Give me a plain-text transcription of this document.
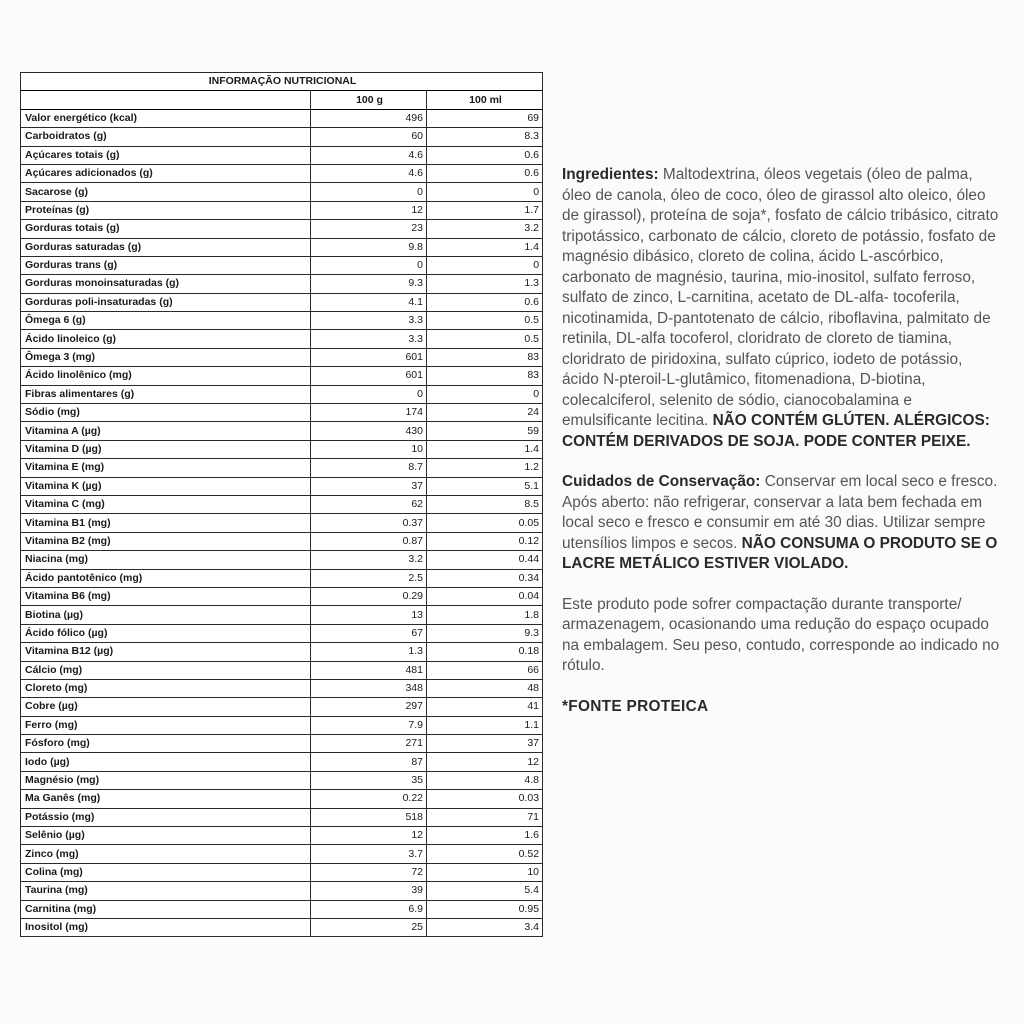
INFORMAÇÃO NUTRICIONAL		
	100 g	100 ml
Valor energético (kcal)	496	69
Carboidratos (g)	60	8.3
Açúcares totais (g)	4.6	0.6
Açúcares adicionados (g)	4.6	0.6
Sacarose (g)	0	0
Proteínas (g)	12	1.7
Gorduras totais (g)	23	3.2
Gorduras saturadas (g)	9.8	1.4
Gorduras trans (g)	0	0
Gorduras monoinsaturadas (g)	9.3	1.3
Gorduras poli-insaturadas (g)	4.1	0.6
Ômega 6 (g)	3.3	0.5
Ácido linoleico (g)	3.3	0.5
Ômega 3 (mg)	601	83
Ácido linolênico (mg)	601	83
Fibras alimentares (g)	0	0
Sódio (mg)	174	24
Vitamina A (µg)	430	59
Vitamina D (µg)	10	1.4
Vitamina E (mg)	8.7	1.2
Vitamina K (µg)	37	5.1
Vitamina C (mg)	62	8.5
Vitamina B1 (mg)	0.37	0.05
Vitamina B2 (mg)	0.87	0.12
Niacina (mg)	3.2	0.44
Ácido pantotênico (mg)	2.5	0.34
Vitamina B6 (mg)	0.29	0.04
Biotina (µg)	13	1.8
Ácido fólico (µg)	67	9.3
Vitamina B12 (µg)	1.3	0.18
Cálcio (mg)	481	66
Cloreto (mg)	348	48
Cobre (µg)	297	41
Ferro (mg)	7.9	1.1
Fósforo (mg)	271	37
Iodo (µg)	87	12
Magnésio (mg)	35	4.8
Ma Ganês (mg)	0.22	0.03
Potássio (mg)	518	71
Selênio (µg)	12	1.6
Zinco (mg)	3.7	0.52
Colina (mg)	72	10
Taurina (mg)	39	5.4
Carnitina (mg)	6.9	0.95
Inositol (mg)	25	3.4

Ingredientes: Maltodextrina, óleos vegetais (óleo de palma, óleo de canola, óleo de coco, óleo de girassol alto oleico, óleo de girassol), proteína de soja*, fosfato de cálcio tribásico, citrato tripotássico, carbonato de cálcio, cloreto de potássio, fosfato de magnésio dibásico, cloreto de colina, ácido L-ascórbico, carbonato de magnésio, taurina, mio-inositol, sulfato ferroso, sulfato de zinco, L-carnitina, acetato de DL-alfa- tocoferila, nicotinamida, D-pantotenato de cálcio, riboflavina, palmitato de retinila, DL-alfa tocoferol, cloridrato de cloreto de tiamina, cloridrato de piridoxina, sulfato cúprico, iodeto de potássio, ácido N-pteroil-L-glutâmico, fitomenadiona, D-biotina, colecalciferol, selenito de sódio, cianocobalamina e emulsificante lecitina. NÃO CONTÉM GLÚTEN. ALÉRGICOS: CONTÉM DERIVADOS DE SOJA. PODE CONTER PEIXE.

Cuidados de Conservação: Conservar em local seco e fresco. Após aberto: não refrigerar, conservar a lata bem fechada em local seco e fresco e consumir em até 30 dias. Utilizar sempre utensílios limpos e secos. NÃO CONSUMA O PRODUTO SE O LACRE METÁLICO ESTIVER VIOLADO.

Este produto pode sofrer compactação durante transporte/ armazenagem, ocasionando uma redução do espaço ocupado na embalagem. Seu peso, contudo, corresponde ao indicado no rótulo.

*FONTE PROTEICA
